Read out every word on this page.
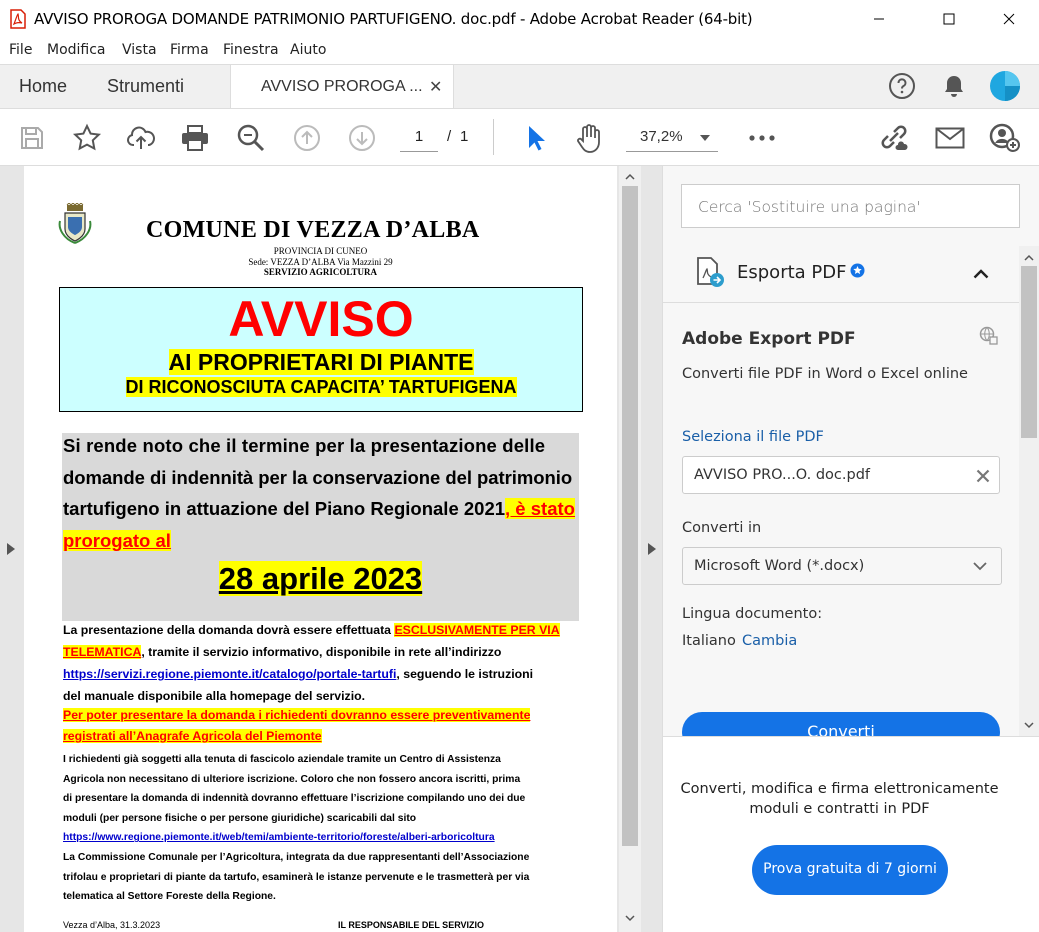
AVVISO PROROGA DOMANDE PATRIMONIO PARTUFIGENO. doc.pdf - Adobe Acrobat Reader (64-bit)
File Modifica Vista Firma Finestra Aiuto
Home Strumenti	AVVISO PROROGA ... ✕
1	/ 1	37,2%
COMUNE DI VEZZA D’ALBA
PROVINCIA DI CUNEO
Sede: VEZZA D’ALBA Via Mazzini 29
SERVIZIO AGRICOLTURA
AVVISO
AI PROPRIETARI DI PIANTE
DI RICONOSCIUTA CAPACITA’ TARTUFIGENA
Si rende noto che il termine per la presentazione delle
domande di indennità per la conservazione del patrimonio
tartufigeno in attuazione del Piano Regionale 2021, è stato
prorogato al
28 aprile 2023
La presentazione della domanda dovrà essere effettuata ESCLUSIVAMENTE PER VIA
TELEMATICA, tramite il servizio informativo, disponibile in rete all’indirizzo
https://servizi.regione.piemonte.it/catalogo/portale-tartufi, seguendo le istruzioni
del manuale disponibile alla homepage del servizio.
Per poter presentare la domanda i richiedenti dovranno essere preventivamente
registrati all’Anagrafe Agricola del Piemonte
I richiedenti già soggetti alla tenuta di fascicolo aziendale tramite un Centro di Assistenza
Agricola non necessitano di ulteriore iscrizione. Coloro che non fossero ancora iscritti, prima
di presentare la domanda di indennità dovranno effettuare l’iscrizione compilando uno dei due
moduli (per persone fisiche o per persone giuridiche) scaricabili dal sito
https://www.regione.piemonte.it/web/temi/ambiente-territorio/foreste/alberi-arboricoltura
La Commissione Comunale per l’Agricoltura, integrata da due rappresentanti dell’Associazione
trifolau e proprietari di piante da tartufo, esaminerà le istanze pervenute e le trasmetterà per via
telematica al Settore Foreste della Regione.
Vezza d’Alba, 31.3.2023	IL RESPONSABILE DEL SERVIZIO
Cerca 'Sostituire una pagina'
Esporta PDF
Adobe Export PDF
Converti file PDF in Word o Excel online
Seleziona il file PDF
AVVISO PRO...O. doc.pdf
Converti in
Microsoft Word (*.docx)
Lingua documento:
Italiano Cambia
Converti
Converti, modifica e firma elettronicamente
moduli e contratti in PDF
Prova gratuita di 7 giorni
